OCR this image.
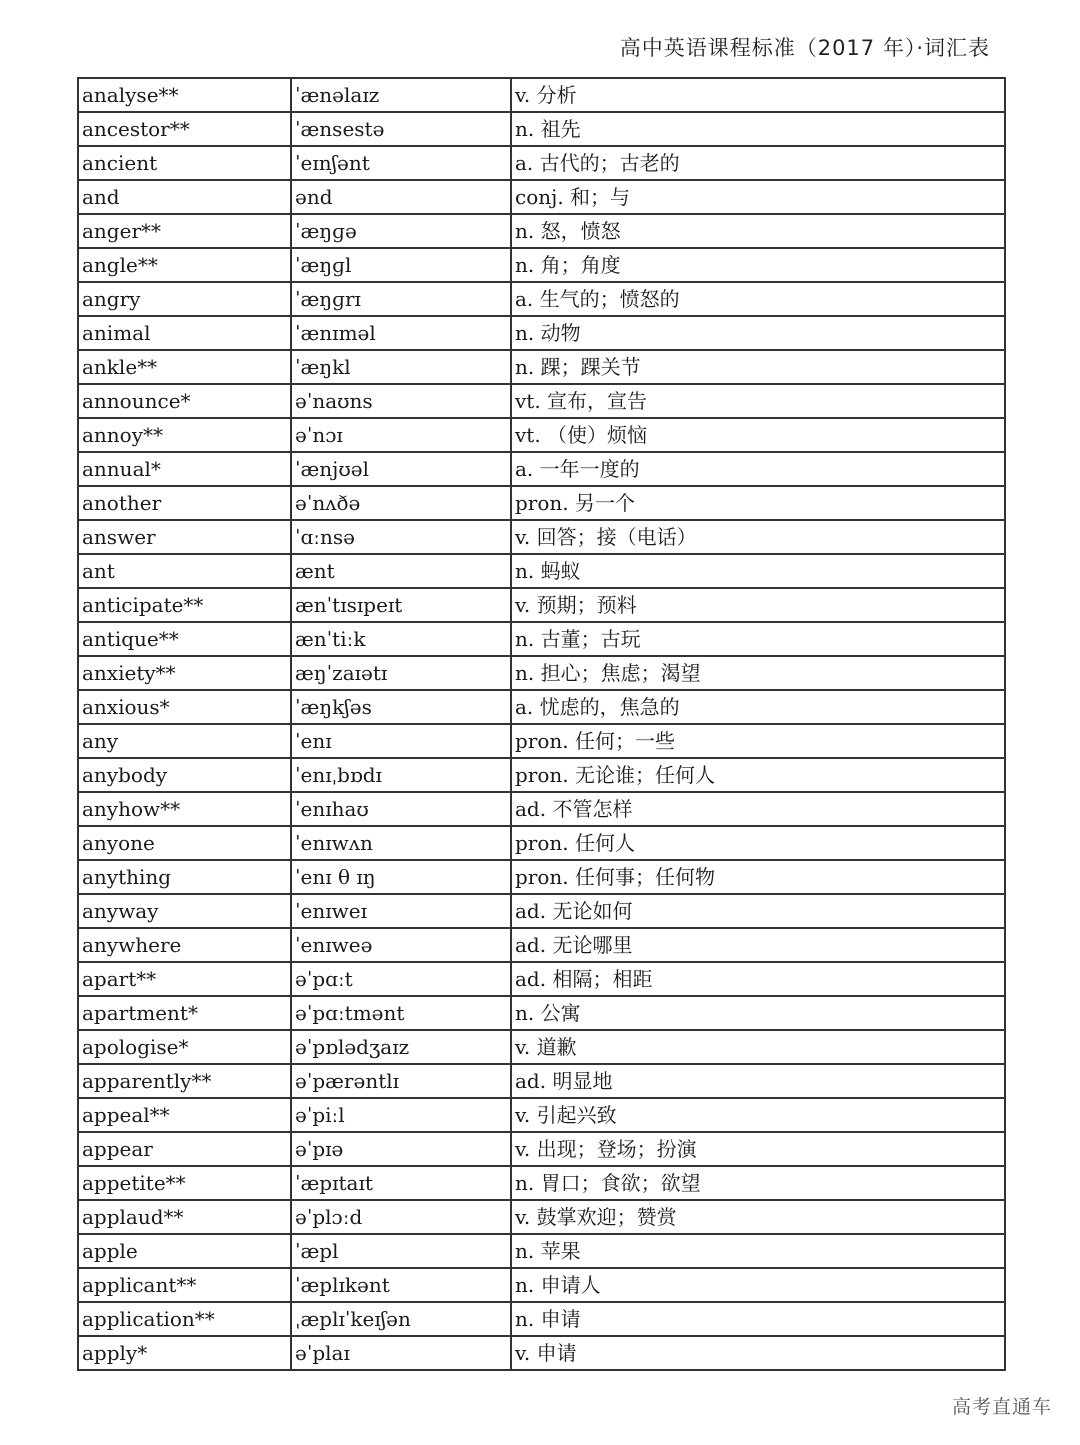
高中英语课程标准（2017 年）·词汇表
analyse**	ˈænəlaɪz	v. 分析
ancestor**	ˈænsestə	n. 祖先
ancient	ˈeɪnʃənt	a. 古代的；古老的
and	ənd	conj. 和；与
anger**	ˈæŋɡə	n. 怒，愤怒
angle**	ˈæŋɡl	n. 角；角度
angry	ˈæŋɡrɪ	a. 生气的；愤怒的
animal	ˈænɪməl	n. 动物
ankle**	ˈæŋkl	n. 踝；踝关节
announce*	əˈnaʊns	vt. 宣布，宣告
annoy**	əˈnɔɪ	vt. （使）烦恼
annual*	ˈænjʊəl	a. 一年一度的
another	əˈnʌðə	pron. 另一个
answer	ˈɑːnsə	v. 回答；接（电话）
ant	ænt	n. 蚂蚁
anticipate**	ænˈtɪsɪpeɪt	v. 预期；预料
antique**	ænˈtiːk	n. 古董；古玩
anxiety**	æŋˈzaɪətɪ	n. 担心；焦虑；渴望
anxious*	ˈæŋkʃəs	a. 忧虑的，焦急的
any	ˈenɪ	pron. 任何；一些
anybody	ˈenɪˌbɒdɪ	pron. 无论谁；任何人
anyhow**	ˈenɪhaʊ	ad. 不管怎样
anyone	ˈenɪwʌn	pron. 任何人
anything	ˈenɪ θ ɪŋ	pron. 任何事；任何物
anyway	ˈenɪweɪ	ad. 无论如何
anywhere	ˈenɪweə	ad. 无论哪里
apart**	əˈpɑːt	ad. 相隔；相距
apartment*	əˈpɑːtmənt	n. 公寓
apologise*	əˈpɒlədʒaɪz	v. 道歉
apparently**	əˈpærəntlɪ	ad. 明显地
appeal**	əˈpiːl	v. 引起兴致
appear	əˈpɪə	v. 出现；登场；扮演
appetite**	ˈæpɪtaɪt	n. 胃口；食欲；欲望
applaud**	əˈplɔːd	v. 鼓掌欢迎；赞赏
apple	ˈæpl	n. 苹果
applicant**	ˈæplɪkənt	n. 申请人
application**	ˌæplɪˈkeɪʃən	n. 申请
apply*	əˈplaɪ	v. 申请
高考直通车
